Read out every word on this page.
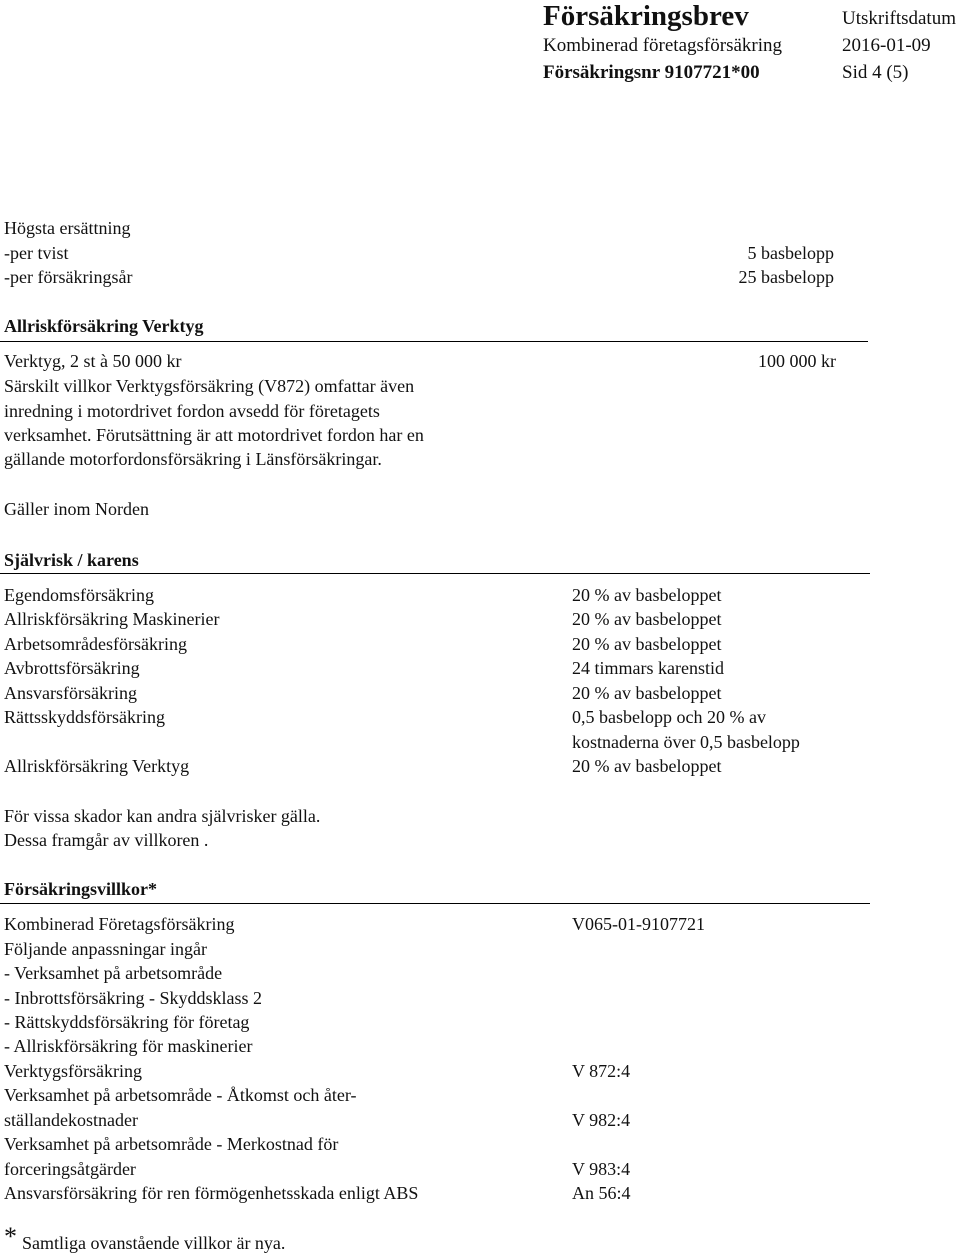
Försäkringsbrev	Utskriftsdatum
Kombinerad företagsförsäkring	2016-01-09
Försäkringsnr 9107721*00	Sid 4 (5)
Högsta ersättning
-per tvist	5 basbelopp
-per försäkringsår	25 basbelopp
Allriskförsäkring Verktyg
Verktyg, 2 st à 50 000 kr	100 000 kr
Särskilt villkor Verktygsförsäkring (V872) omfattar även
inredning i motordrivet fordon avsedd för företagets
verksamhet. Förutsättning är att motordrivet fordon har en
gällande motorfordonsförsäkring i Länsförsäkringar.
Gäller inom Norden
Självrisk / karens
Egendomsförsäkring	20 % av basbeloppet
Allriskförsäkring Maskinerier	20 % av basbeloppet
Arbetsområdesförsäkring	20 % av basbeloppet
Avbrottsförsäkring	24 timmars karenstid
Ansvarsförsäkring	20 % av basbeloppet
Rättsskyddsförsäkring	0,5 basbelopp och 20 % av
kostnaderna över 0,5 basbelopp
Allriskförsäkring Verktyg	20 % av basbeloppet
För vissa skador kan andra självrisker gälla.
Dessa framgår av villkoren .
Försäkringsvillkor*
Kombinerad Företagsförsäkring	V065-01-9107721
Följande anpassningar ingår
- Verksamhet på arbetsområde
- Inbrottsförsäkring - Skyddsklass 2
- Rättskyddsförsäkring för företag
- Allriskförsäkring för maskinerier
Verktygsförsäkring	V 872:4
Verksamhet på arbetsområde - Åtkomst och åter-
ställandekostnader	V 982:4
Verksamhet på arbetsområde - Merkostnad för
forceringsåtgärder	V 983:4
Ansvarsförsäkring för ren förmögenhetsskada enligt ABS	An 56:4
* Samtliga ovanstående villkor är nya.
